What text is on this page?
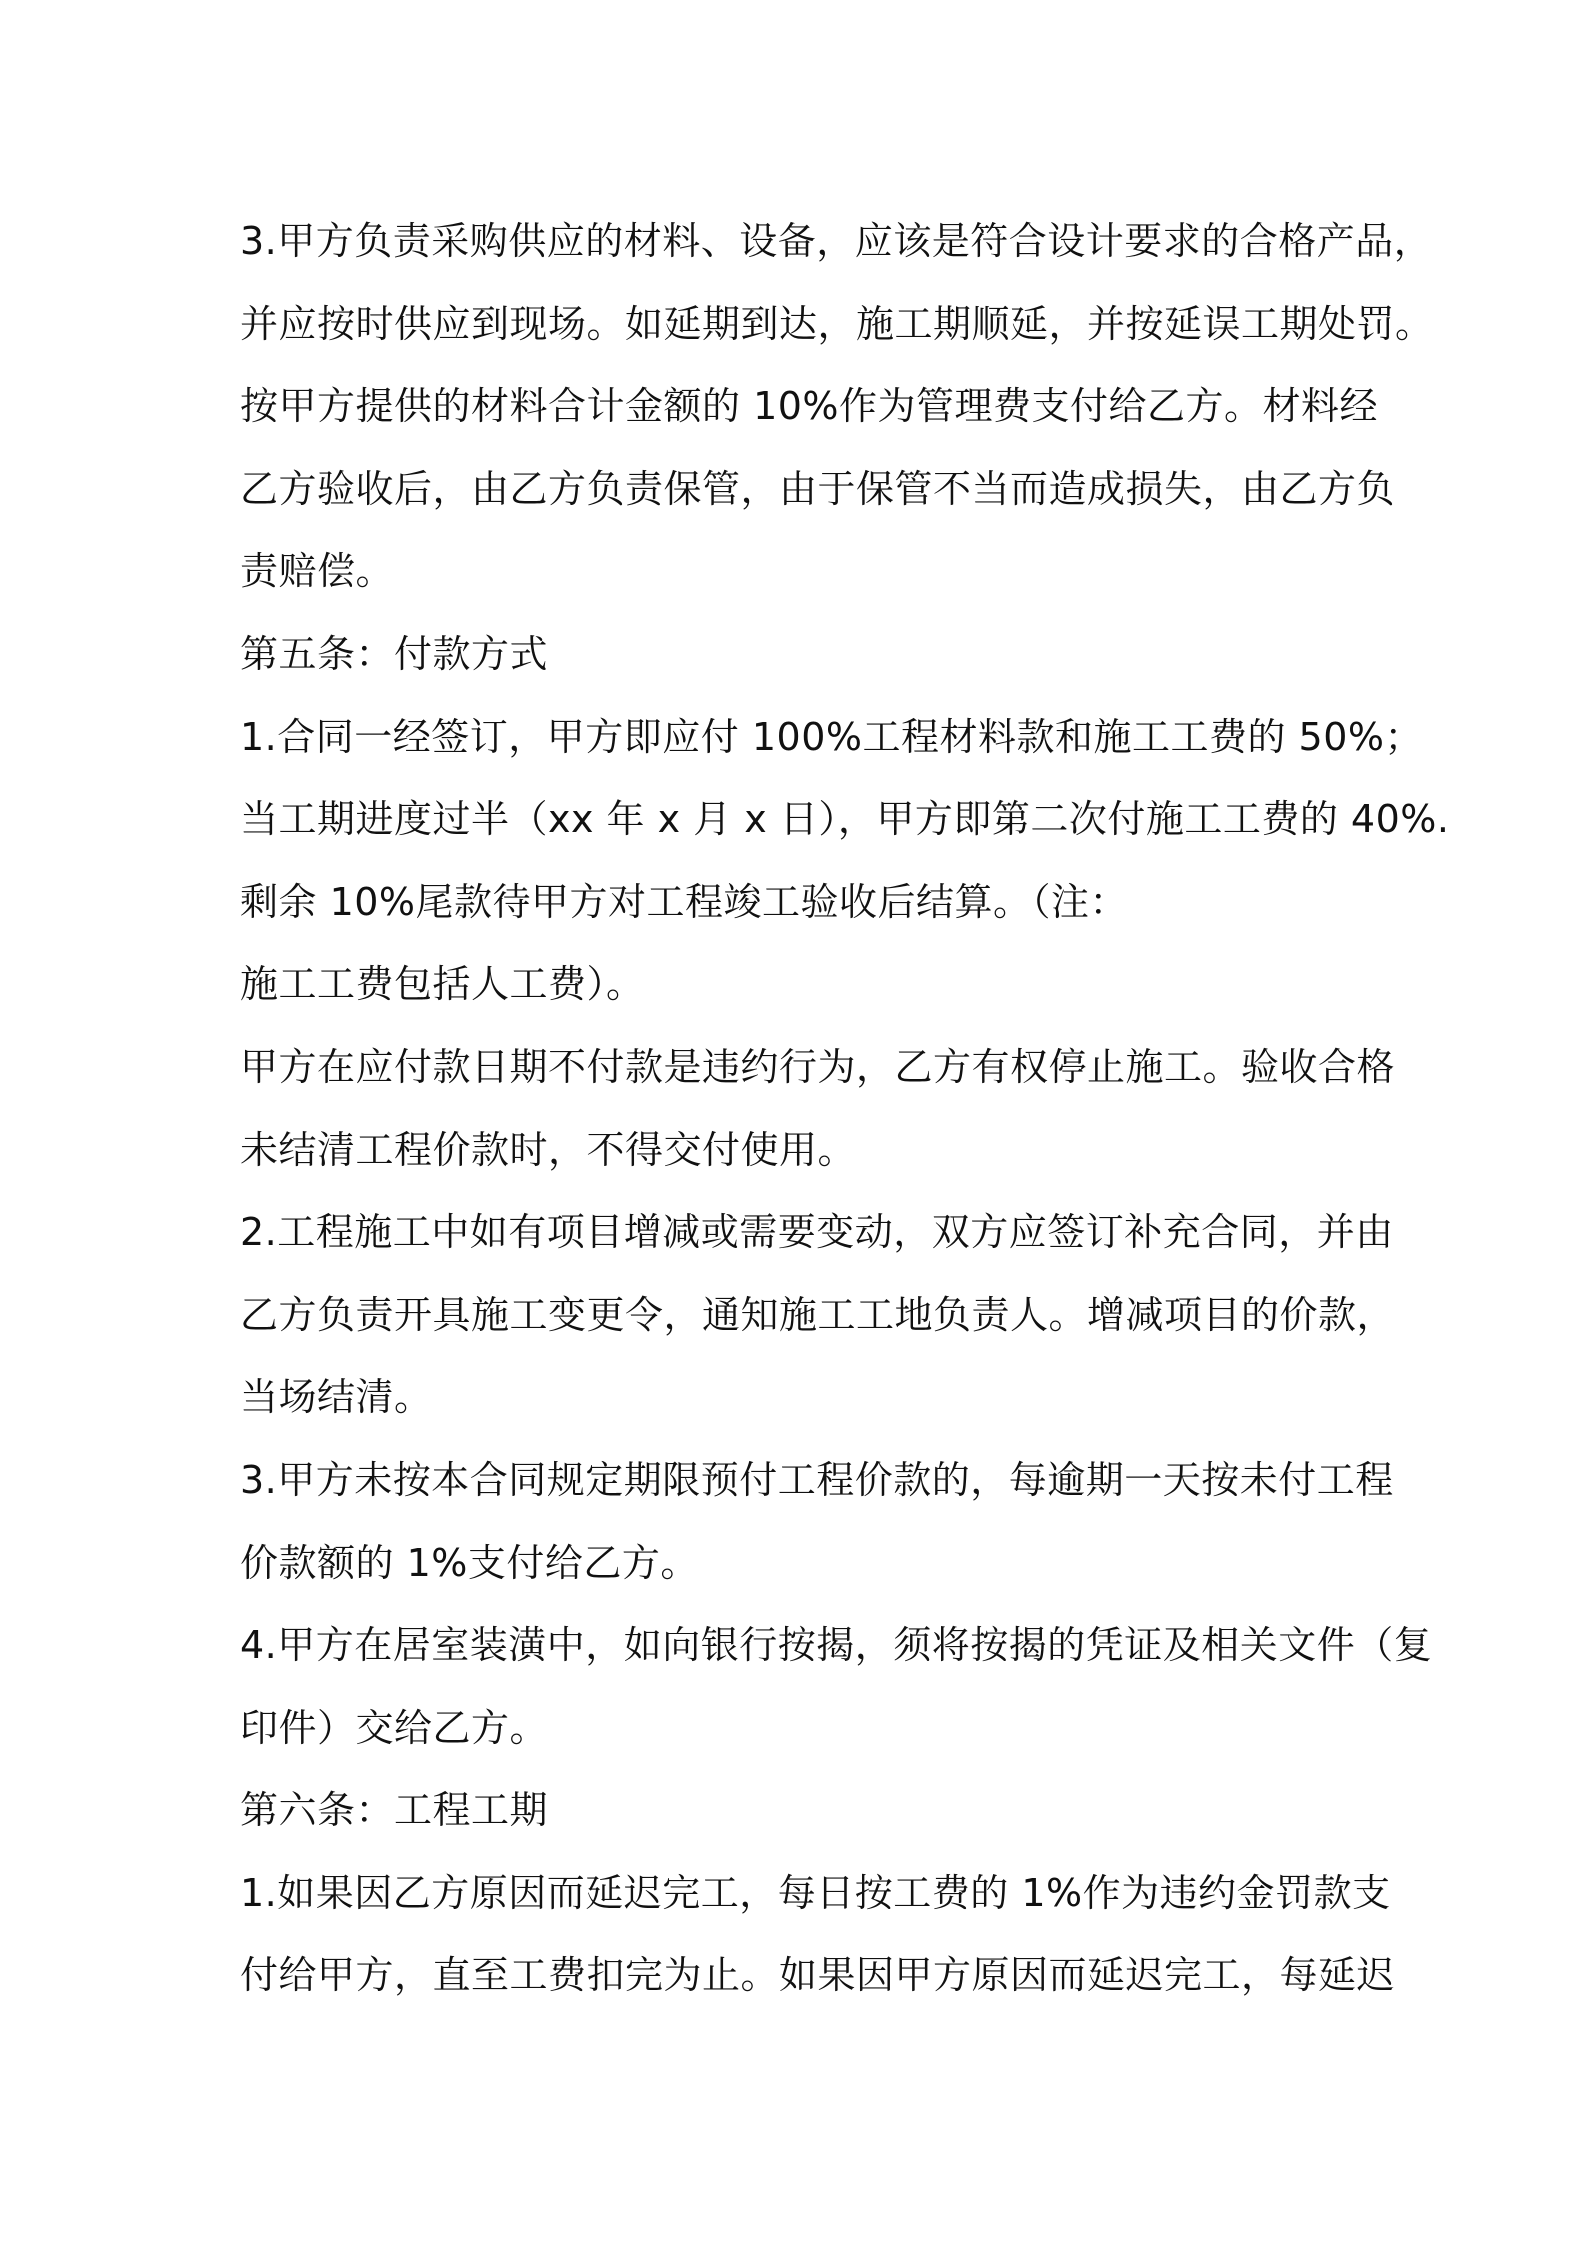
3.甲方负责采购供应的材料、设备，应该是符合设计要求的合格产品，
并应按时供应到现场。如延期到达，施工期顺延，并按延误工期处罚。
按甲方提供的材料合计金额的 10%作为管理费支付给乙方。材料经
乙方验收后，由乙方负责保管，由于保管不当而造成损失，由乙方负
责赔偿。
第五条：付款方式
1.合同一经签订，甲方即应付 100%工程材料款和施工工费的 50%；
当工期进度过半（xx 年 x 月 x 日），甲方即第二次付施工工费的 40%.
剩余 10%尾款待甲方对工程竣工验收后结算。（注：
施工工费包括人工费）。
甲方在应付款日期不付款是违约行为，乙方有权停止施工。验收合格
未结清工程价款时，不得交付使用。
2.工程施工中如有项目增减或需要变动，双方应签订补充合同，并由
乙方负责开具施工变更令，通知施工工地负责人。增减项目的价款，
当场结清。
3.甲方未按本合同规定期限预付工程价款的，每逾期一天按未付工程
价款额的 1%支付给乙方。
4.甲方在居室装潢中，如向银行按揭，须将按揭的凭证及相关文件（复
印件）交给乙方。
第六条：工程工期
1.如果因乙方原因而延迟完工，每日按工费的 1%作为违约金罚款支
付给甲方，直至工费扣完为止。如果因甲方原因而延迟完工，每延迟
